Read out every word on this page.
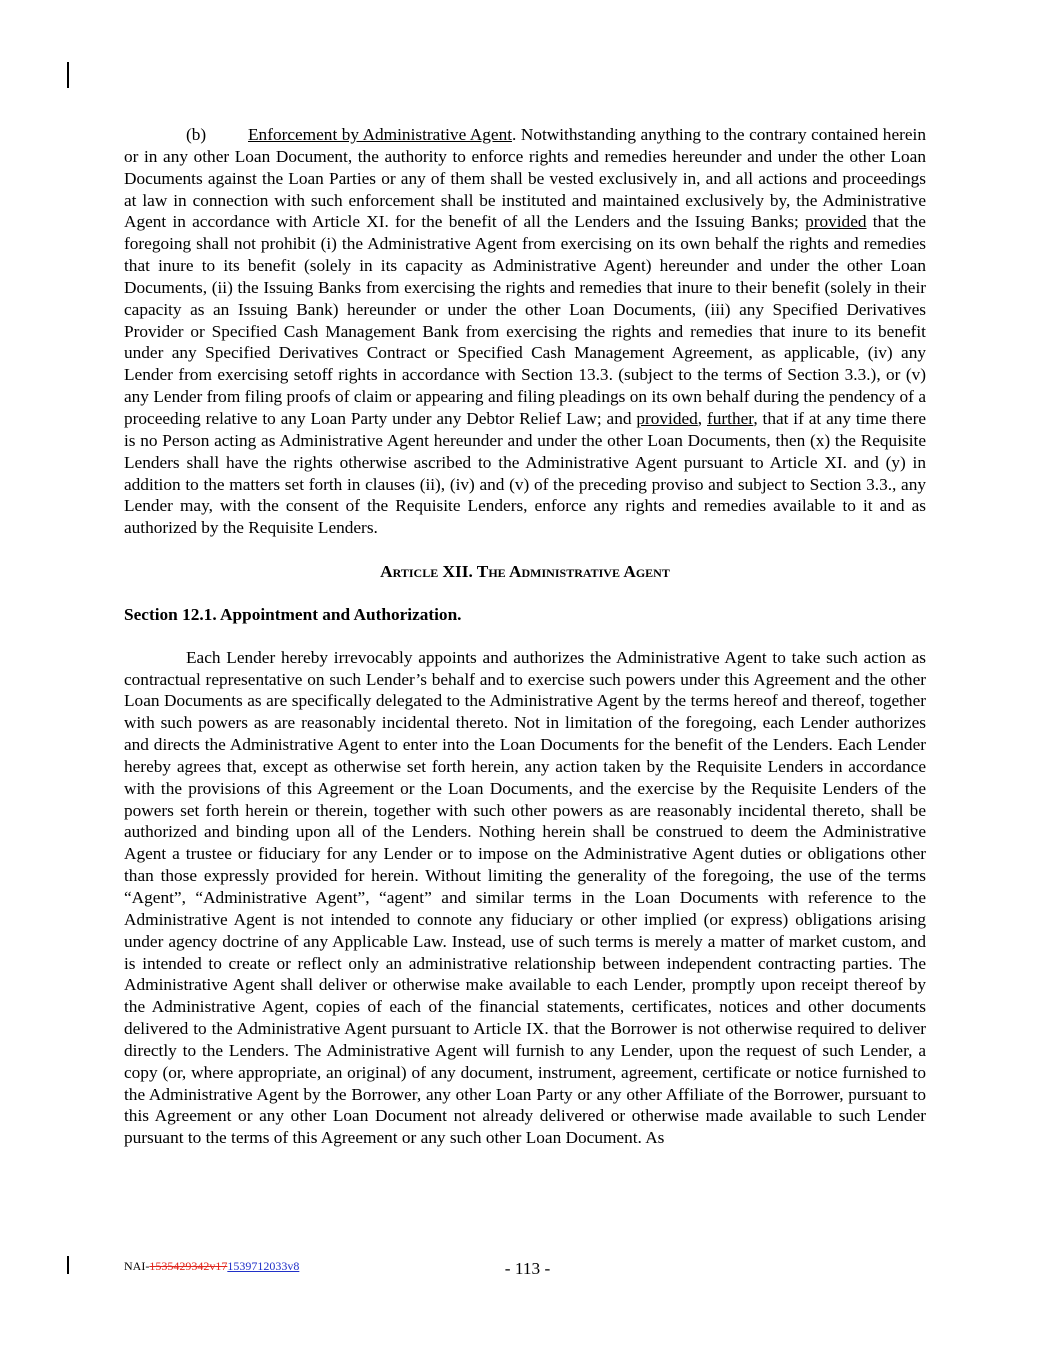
(b) Enforcement by Administrative Agent. Notwithstanding anything to the contrary contained herein or in any other Loan Document, the authority to enforce rights and remedies hereunder and under the other Loan Documents against the Loan Parties or any of them shall be vested exclusively in, and all actions and proceedings at law in connection with such enforcement shall be instituted and maintained exclusively by, the Administrative Agent in accordance with Article XI. for the benefit of all the Lenders and the Issuing Banks; provided that the foregoing shall not prohibit (i) the Administrative Agent from exercising on its own behalf the rights and remedies that inure to its benefit (solely in its capacity as Administrative Agent) hereunder and under the other Loan Documents, (ii) the Issuing Banks from exercising the rights and remedies that inure to their benefit (solely in their capacity as an Issuing Bank) hereunder or under the other Loan Documents, (iii) any Specified Derivatives Provider or Specified Cash Management Bank from exercising the rights and remedies that inure to its benefit under any Specified Derivatives Contract or Specified Cash Management Agreement, as applicable, (iv) any Lender from exercising setoff rights in accordance with Section 13.3. (subject to the terms of Section 3.3.), or (v) any Lender from filing proofs of claim or appearing and filing pleadings on its own behalf during the pendency of a proceeding relative to any Loan Party under any Debtor Relief Law; and provided, further, that if at any time there is no Person acting as Administrative Agent hereunder and under the other Loan Documents, then (x) the Requisite Lenders shall have the rights otherwise ascribed to the Administrative Agent pursuant to Article XI. and (y) in addition to the matters set forth in clauses (ii), (iv) and (v) of the preceding proviso and subject to Section 3.3., any Lender may, with the consent of the Requisite Lenders, enforce any rights and remedies available to it and as authorized by the Requisite Lenders.

Article XII. The Administrative Agent
Section 12.1. Appointment and Authorization.

Each Lender hereby irrevocably appoints and authorizes the Administrative Agent to take such action as contractual representative on such Lender’s behalf and to exercise such powers under this Agreement and the other Loan Documents as are specifically delegated to the Administrative Agent by the terms hereof and thereof, together with such powers as are reasonably incidental thereto. Not in limitation of the foregoing, each Lender authorizes and directs the Administrative Agent to enter into the Loan Documents for the benefit of the Lenders. Each Lender hereby agrees that, except as otherwise set forth herein, any action taken by the Requisite Lenders in accordance with the provisions of this Agreement or the Loan Documents, and the exercise by the Requisite Lenders of the powers set forth herein or therein, together with such other powers as are reasonably incidental thereto, shall be authorized and binding upon all of the Lenders. Nothing herein shall be construed to deem the Administrative Agent a trustee or fiduciary for any Lender or to impose on the Administrative Agent duties or obligations other than those expressly provided for herein. Without limiting the generality of the foregoing, the use of the terms “Agent”, “Administrative Agent”, “agent” and similar terms in the Loan Documents with reference to the Administrative Agent is not intended to connote any fiduciary or other implied (or express) obligations arising under agency doctrine of any Applicable Law. Instead, use of such terms is merely a matter of market custom, and is intended to create or reflect only an administrative relationship between independent contracting parties. The Administrative Agent shall deliver or otherwise make available to each Lender, promptly upon receipt thereof by the Administrative Agent, copies of each of the financial statements, certificates, notices and other documents delivered to the Administrative Agent pursuant to Article IX. that the Borrower is not otherwise required to deliver directly to the Lenders. The Administrative Agent will furnish to any Lender, upon the request of such Lender, a copy (or, where appropriate, an original) of any document, instrument, agreement, certificate or notice furnished to the Administrative Agent by the Borrower, any other Loan Party or any other Affiliate of the Borrower, pursuant to this Agreement or any other Loan Document not already delivered or otherwise made available to such Lender pursuant to the terms of this Agreement or any such other Loan Document. As

NAI-1535429342v171539712033v8	- 113 -
